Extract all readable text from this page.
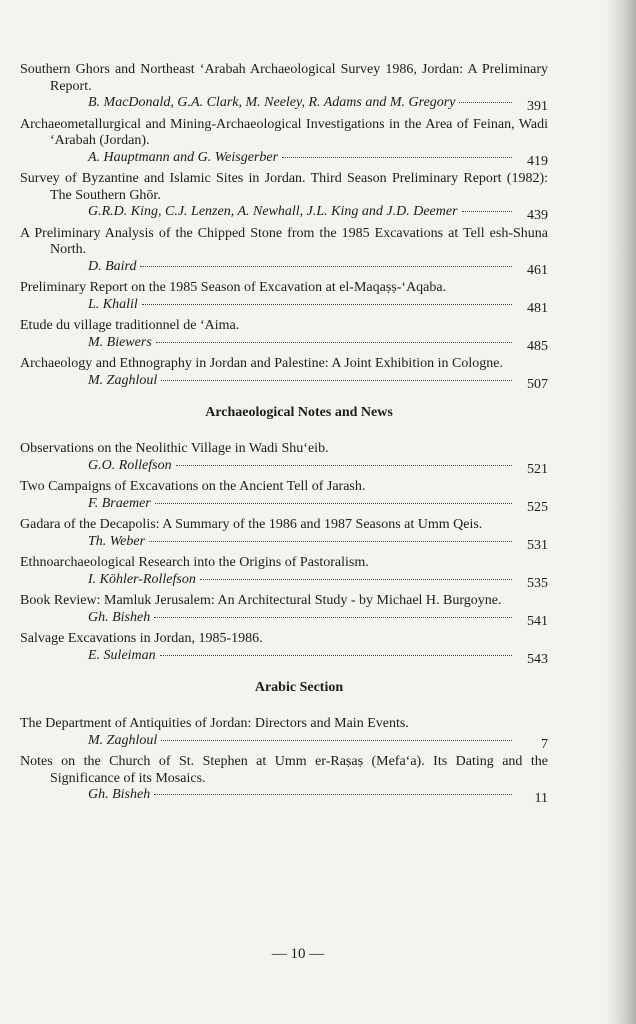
Southern Ghors and Northeast ‘Arabah Archaeological Survey 1986, Jordan: A Preliminary Report.
B. MacDonald, G.A. Clark, M. Neeley, R. Adams and M. Gregory	391
Archaeometallurgical and Mining-Archaeological Investigations in the Area of Feinan, Wadi ‘Arabah (Jordan).
A. Hauptmann and G. Weisgerber	419
Survey of Byzantine and Islamic Sites in Jordan. Third Season Preliminary Report (1982): The Southern Ghōr.
G.R.D. King, C.J. Lenzen, A. Newhall, J.L. King and J.D. Deemer	439
A Preliminary Analysis of the Chipped Stone from the 1985 Excavations at Tell esh-Shuna North.
D. Baird	461
Preliminary Report on the 1985 Season of Excavation at el-Maqaṣṣ-‘Aqaba.
L. Khalil	481
Etude du village traditionnel de ‘Aima.
M. Biewers	485
Archaeology and Ethnography in Jordan and Palestine: A Joint Exhibition in Cologne.
M. Zaghloul	507
Archaeological Notes and News
Observations on the Neolithic Village in Wadi Shu‘eib.
G.O. Rollefson	521
Two Campaigns of Excavations on the Ancient Tell of Jarash.
F. Braemer	525
Gadara of the Decapolis: A Summary of the 1986 and 1987 Seasons at Umm Qeis.
Th. Weber	531
Ethnoarchaeological Research into the Origins of Pastoralism.
I. Köhler-Rollefson	535
Book Review: Mamluk Jerusalem: An Architectural Study - by Michael H. Burgoyne.
Gh. Bisheh	541
Salvage Excavations in Jordan, 1985-1986.
E. Suleiman	543
Arabic Section
The Department of Antiquities of Jordan: Directors and Main Events.
M. Zaghloul	7
Notes on the Church of St. Stephen at Umm er-Raṣaṣ (Mefa‘a). Its Dating and the Significance of its Mosaics.
Gh. Bisheh	11
— 10 —
